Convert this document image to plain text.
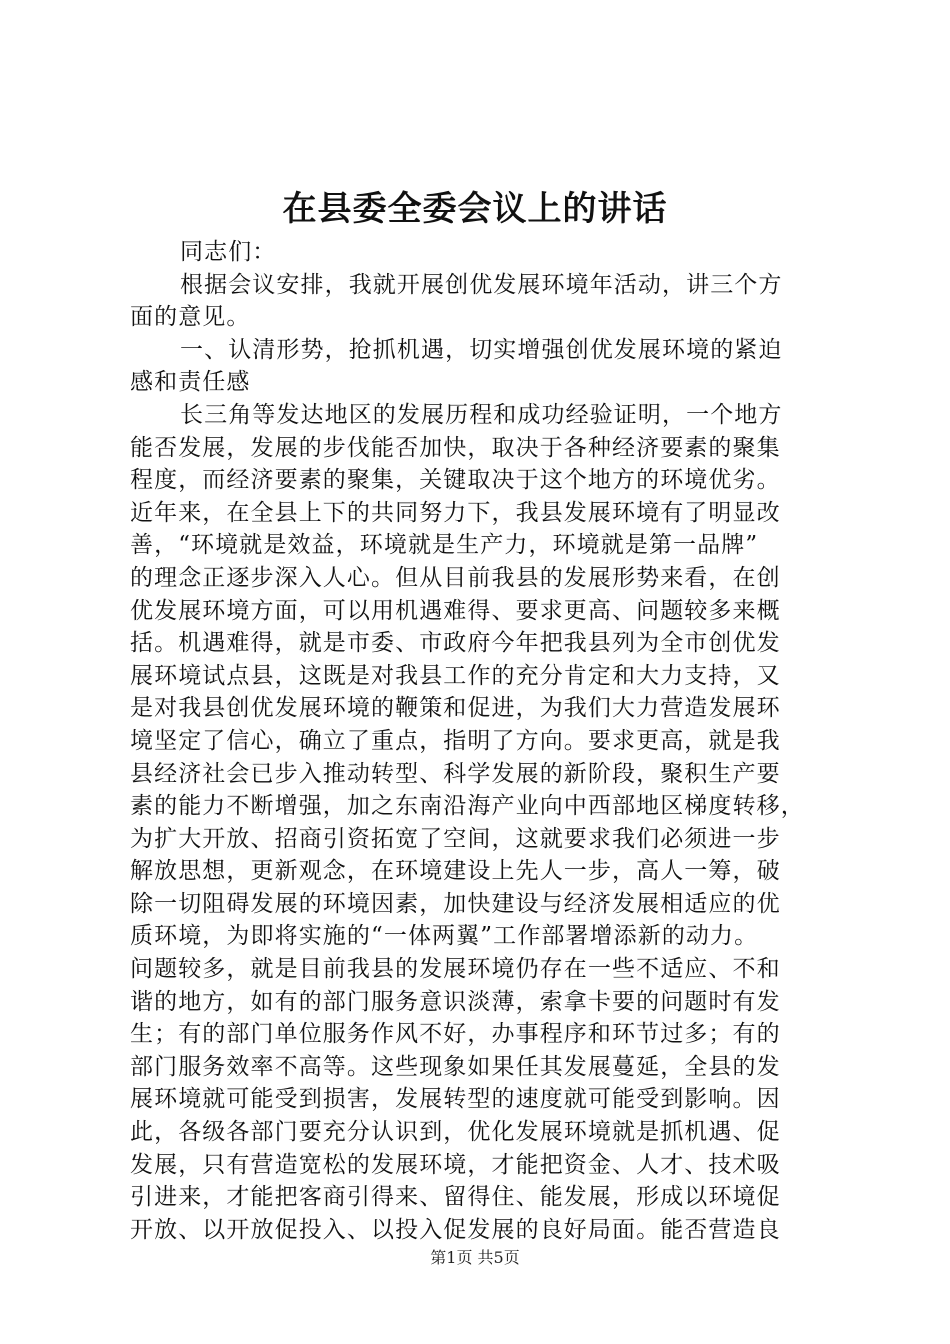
在县委全委会议上的讲话
同志们：
根据会议安排，我就开展创优发展环境年活动，讲三个方
面的意见。
一、认清形势，抢抓机遇，切实增强创优发展环境的紧迫
感和责任感
长三角等发达地区的发展历程和成功经验证明，一个地方
能否发展，发展的步伐能否加快，取决于各种经济要素的聚集
程度，而经济要素的聚集，关键取决于这个地方的环境优劣。
近年来，在全县上下的共同努力下，我县发展环境有了明显改
善，“环境就是效益，环境就是生产力，环境就是第一品牌”
的理念正逐步深入人心。但从目前我县的发展形势来看，在创
优发展环境方面，可以用机遇难得、要求更高、问题较多来概
括。机遇难得，就是市委、市政府今年把我县列为全市创优发
展环境试点县，这既是对我县工作的充分肯定和大力支持，又
是对我县创优发展环境的鞭策和促进，为我们大力营造发展环
境坚定了信心，确立了重点，指明了方向。要求更高，就是我
县经济社会已步入推动转型、科学发展的新阶段，聚积生产要
素的能力不断增强，加之东南沿海产业向中西部地区梯度转移，
为扩大开放、招商引资拓宽了空间，这就要求我们必须进一步
解放思想，更新观念，在环境建设上先人一步，高人一筹，破
除一切阻碍发展的环境因素，加快建设与经济发展相适应的优
质环境，为即将实施的“一体两翼”工作部署增添新的动力。
问题较多，就是目前我县的发展环境仍存在一些不适应、不和
谐的地方，如有的部门服务意识淡薄，索拿卡要的问题时有发
生；有的部门单位服务作风不好，办事程序和环节过多；有的
部门服务效率不高等。这些现象如果任其发展蔓延，全县的发
展环境就可能受到损害，发展转型的速度就可能受到影响。因
此，各级各部门要充分认识到，优化发展环境就是抓机遇、促
发展，只有营造宽松的发展环境，才能把资金、人才、技术吸
引进来，才能把客商引得来、留得住、能发展，形成以环境促
开放、以开放促投入、以投入促发展的良好局面。能否营造良
第1页 共5页
